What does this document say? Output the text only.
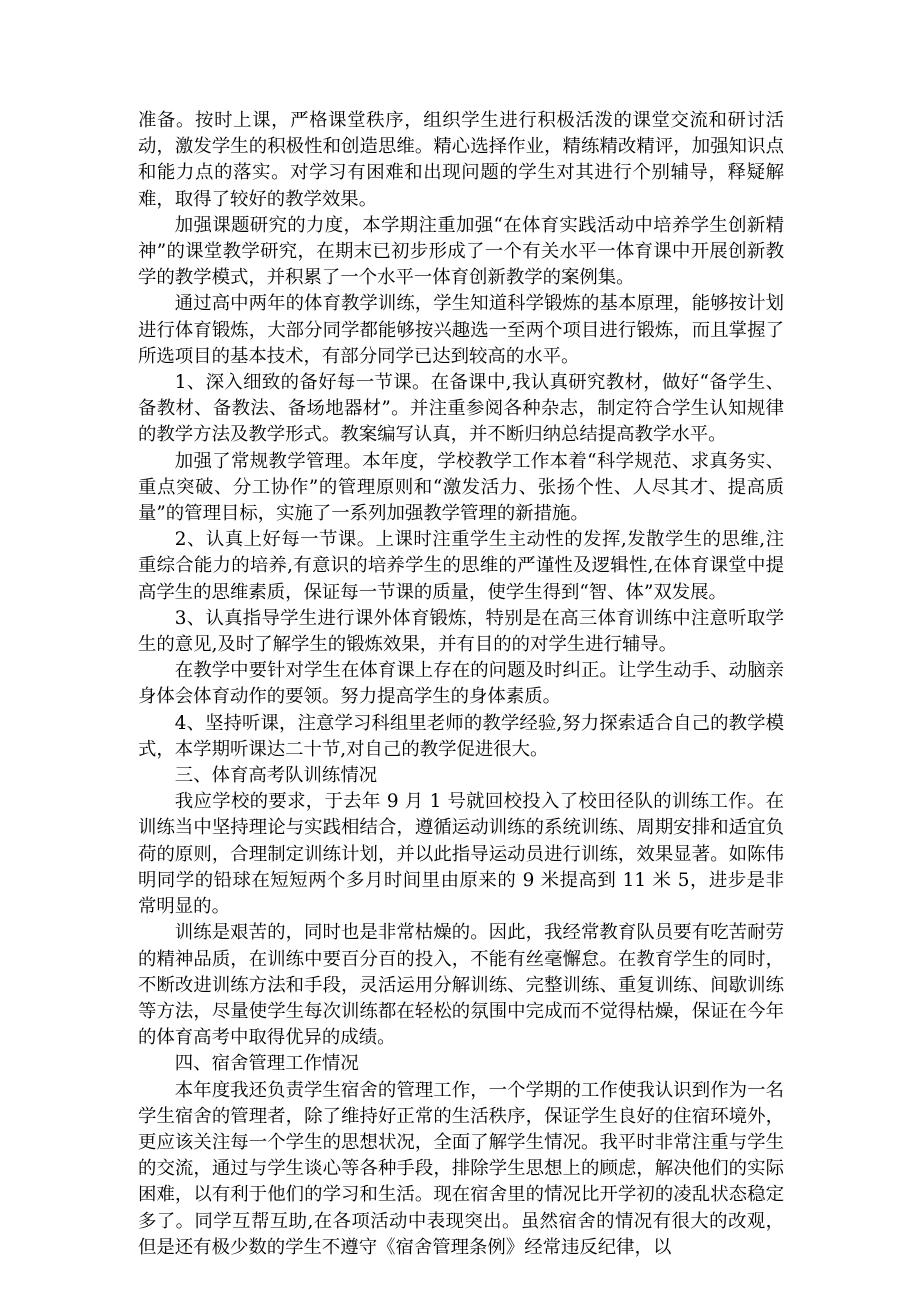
准备。按时上课，严格课堂秩序，组织学生进行积极活泼的课堂交流和研讨活动，激发学生的积极性和创造思维。精心选择作业，精练精改精评，加强知识点和能力点的落实。对学习有困难和出现问题的学生对其进行个别辅导，释疑解难，取得了较好的教学效果。

加强课题研究的力度，本学期注重加强“在体育实践活动中培养学生创新精神”的课堂教学研究，在期末已初步形成了一个有关水平一体育课中开展创新教学的教学模式，并积累了一个水平一体育创新教学的案例集。

通过高中两年的体育教学训练，学生知道科学锻炼的基本原理，能够按计划进行体育锻炼，大部分同学都能够按兴趣选一至两个项目进行锻炼，而且掌握了所选项目的基本技术，有部分同学已达到较高的水平。

1、深入细致的备好每一节课。在备课中,我认真研究教材，做好“备学生、备教材、备教法、备场地器材”。并注重参阅各种杂志，制定符合学生认知规律的教学方法及教学形式。教案编写认真，并不断归纳总结提高教学水平。

加强了常规教学管理。本年度，学校教学工作本着“科学规范、求真务实、重点突破、分工协作”的管理原则和“激发活力、张扬个性、人尽其才、提高质量”的管理目标，实施了一系列加强教学管理的新措施。

2、认真上好每一节课。上课时注重学生主动性的发挥,发散学生的思维,注重综合能力的培养,有意识的培养学生的思维的严谨性及逻辑性,在体育课堂中提高学生的思维素质，保证每一节课的质量，使学生得到“智、体”双发展。

3、认真指导学生进行课外体育锻炼，特别是在高三体育训练中注意听取学生的意见,及时了解学生的锻炼效果，并有目的的对学生进行辅导。

在教学中要针对学生在体育课上存在的问题及时纠正。让学生动手、动脑亲身体会体育动作的要领。努力提高学生的身体素质。

4、坚持听课，注意学习科组里老师的教学经验,努力探索适合自己的教学模式，本学期听课达二十节,对自己的教学促进很大。

三、体育高考队训练情况

我应学校的要求，于去年 9 月 1 号就回校投入了校田径队的训练工作。在训练当中坚持理论与实践相结合，遵循运动训练的系统训练、周期安排和适宜负荷的原则，合理制定训练计划，并以此指导运动员进行训练，效果显著。如陈伟明同学的铅球在短短两个多月时间里由原来的 9 米提高到 11 米 5，进步是非常明显的。

训练是艰苦的，同时也是非常枯燥的。因此，我经常教育队员要有吃苦耐劳的精神品质，在训练中要百分百的投入，不能有丝毫懈怠。在教育学生的同时，不断改进训练方法和手段，灵活运用分解训练、完整训练、重复训练、间歇训练等方法，尽量使学生每次训练都在轻松的氛围中完成而不觉得枯燥，保证在今年的体育高考中取得优异的成绩。

四、宿舍管理工作情况

本年度我还负责学生宿舍的管理工作，一个学期的工作使我认识到作为一名学生宿舍的管理者，除了维持好正常的生活秩序，保证学生良好的住宿环境外，更应该关注每一个学生的思想状况，全面了解学生情况。我平时非常注重与学生的交流，通过与学生谈心等各种手段，排除学生思想上的顾虑，解决他们的实际困难，以有利于他们的学习和生活。现在宿舍里的情况比开学初的凌乱状态稳定多了。同学互帮互助,在各项活动中表现突出。虽然宿舍的情况有很大的改观，但是还有极少数的学生不遵守《宿舍管理条例》经常违反纪律，以
